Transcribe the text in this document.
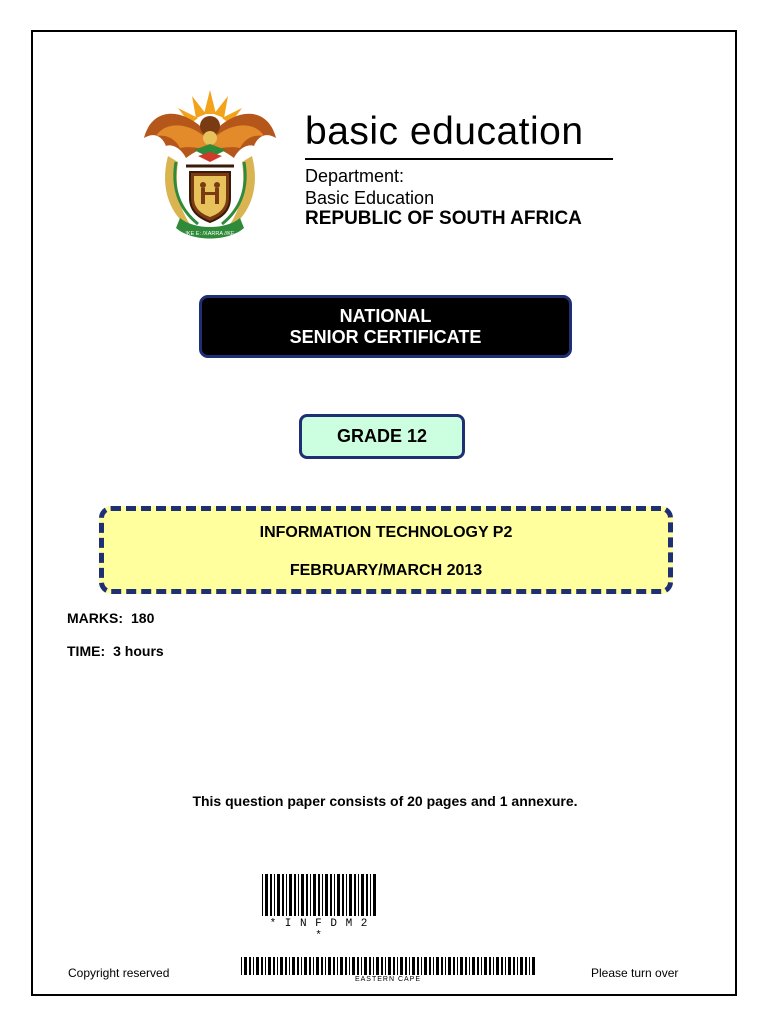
!KE E: /XARRA //KE
basic education
Department:
Basic Education
REPUBLIC OF SOUTH AFRICA
NATIONAL
SENIOR CERTIFICATE
GRADE 12
INFORMATION TECHNOLOGY P2
FEBRUARY/MARCH 2013
MARKS: 180
TIME: 3 hours
This question paper consists of 20 pages and 1 annexure.
* I N F D M 2 *
Copyright reserved	EASTERN CAPE	Please turn over
